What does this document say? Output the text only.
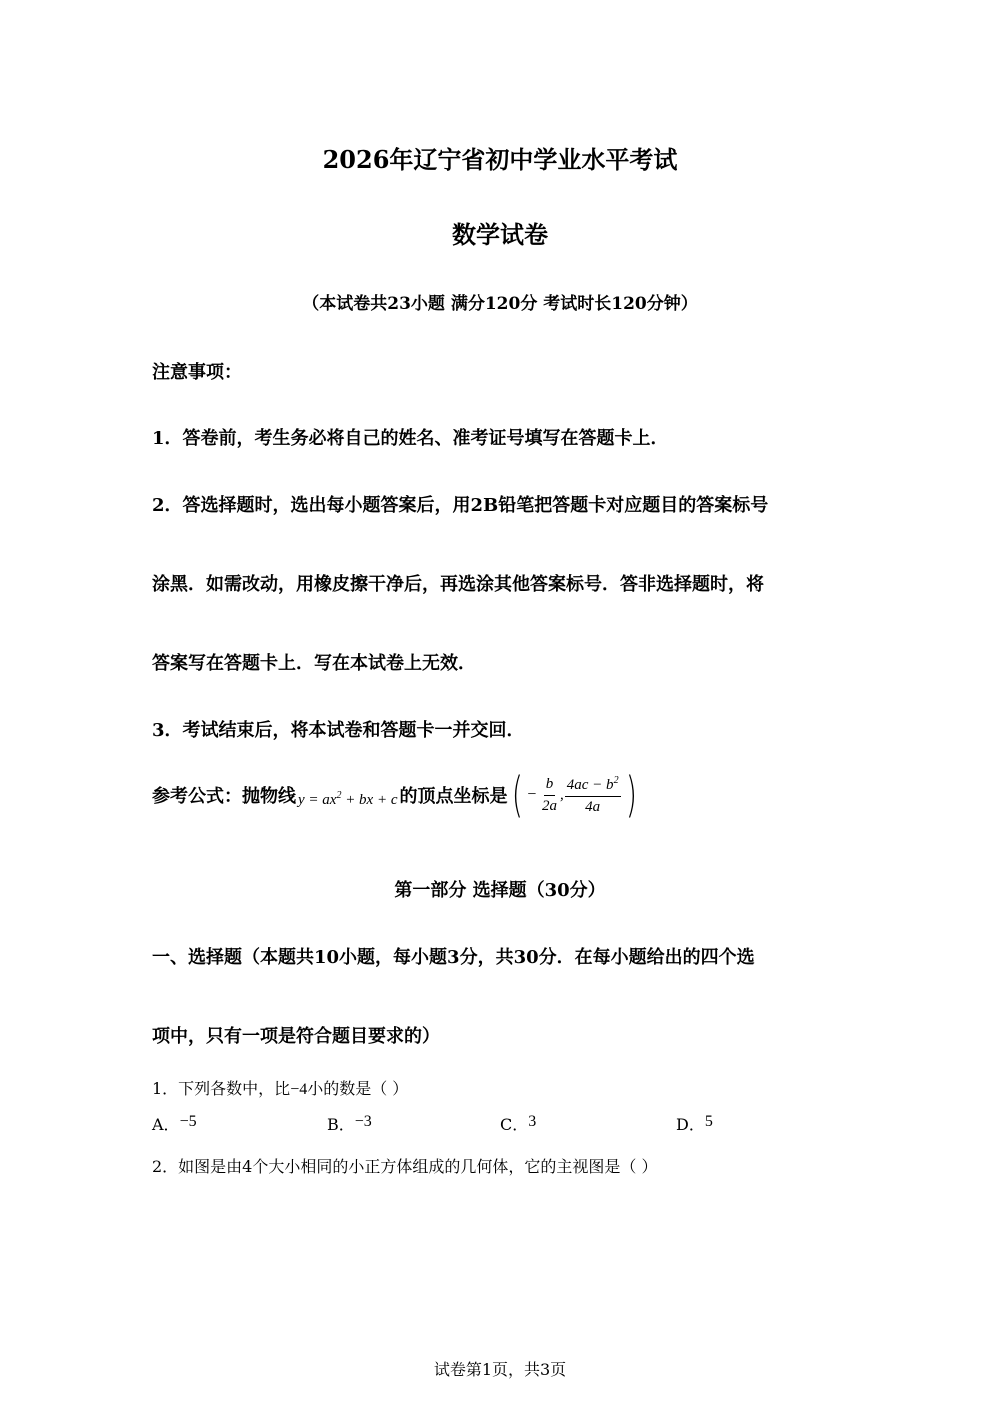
2026年辽宁省初中学业水平考试
数学试卷
（本试卷共23小题 满分120分 考试时长120分钟）
注意事项：
1．答卷前，考生务必将自己的姓名、准考证号填写在答题卡上．
2．答选择题时，选出每小题答案后，用2B铅笔把答题卡对应题目的答案标号
涂黑．如需改动，用橡皮擦干净后，再选涂其他答案标号．答非选择题时，将
答案写在答题卡上．写在本试卷上无效．
3．考试结束后，将本试卷和答题卡一并交回．
参考公式：抛物线 $y = ax^2$ + bx + c 的顶点坐标是 ( − $\frac{b}{2a}$ , $\frac{4ac - b^2}{4a}$ )
第一部分 选择题（30分）
一、选择题（本题共10小题，每小题3分，共30分．在每小题给出的四个选
项中，只有一项是符合题目要求的）
1．下列各数中，比−4小的数是（ ）
A．−5	B．−3	C．3	D．5
2．如图是由4个大小相同的小正方体组成的几何体，它的主视图是（ ）
试卷第1页，共3页
